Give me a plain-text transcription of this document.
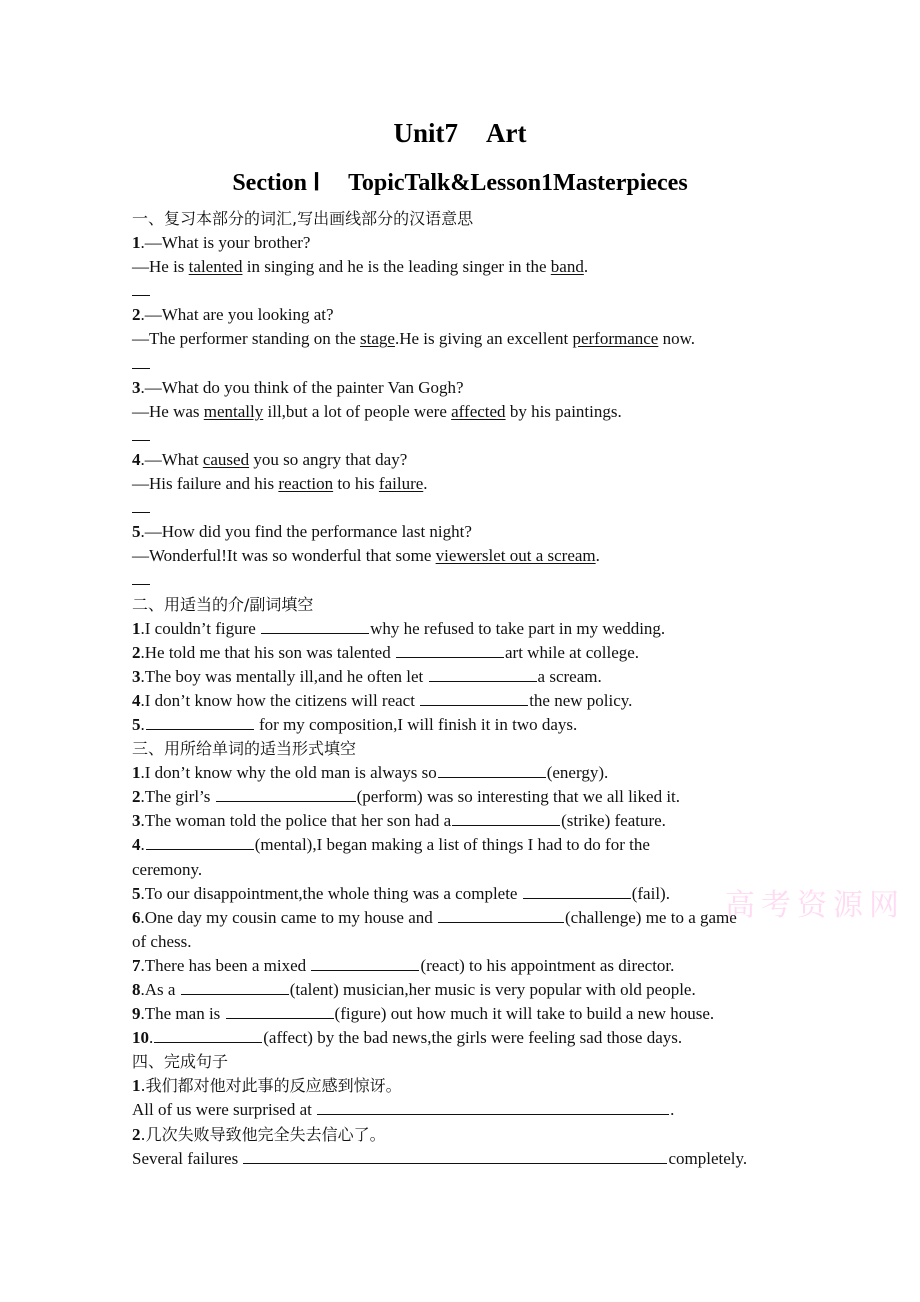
Unit7 Art
Section Ⅰ TopicTalk&Lesson1Masterpieces
一、复习本部分的词汇,写出画线部分的汉语意思
1.—What is your brother?
—He is talented in singing and he is the leading singer in the band.
2.—What are you looking at?
—The performer standing on the stage.He is giving an excellent performance now.
3.—What do you think of the painter Van Gogh?
—He was mentally ill,but a lot of people were affected by his paintings.
4.—What caused you so angry that day?
—His failure and his reaction to his failure.
5.—How did you find the performance last night?
—Wonderful!It was so wonderful that some viewerslet out a scream.
二、用适当的介/副词填空
1.I couldn’t figure	why he refused to take part in my wedding.
2.He told me that his son was talented	art while at college.
3.The boy was mentally ill,and he often let	a scream.
4.I don’t know how the citizens will react	the new policy.
5.	for my composition,I will finish it in two days.
三、用所给单词的适当形式填空
1.I don’t know why the old man is always so	(energy).
2.The girl’s	(perform) was so interesting that we all liked it.
3.The woman told the police that her son had a	(strike) feature.
4.	(mental),I began making a list of things I had to do for the
ceremony.
5.To our disappointment,the whole thing was a complete	(fail).
6.One day my cousin came to my house and	(challenge) me to a game
of chess.
7.There has been a mixed	(react) to his appointment as director.
8.As a	(talent) musician,her music is very popular with old people.
9.The man is	(figure) out how much it will take to build a new house.
10.	(affect) by the bad news,the girls were feeling sad those days.
四、完成句子
1.我们都对他对此事的反应感到惊讶。
All of us were surprised at	.
2.几次失败导致他完全失去信心了。
Several failures	completely.
高考资源网
